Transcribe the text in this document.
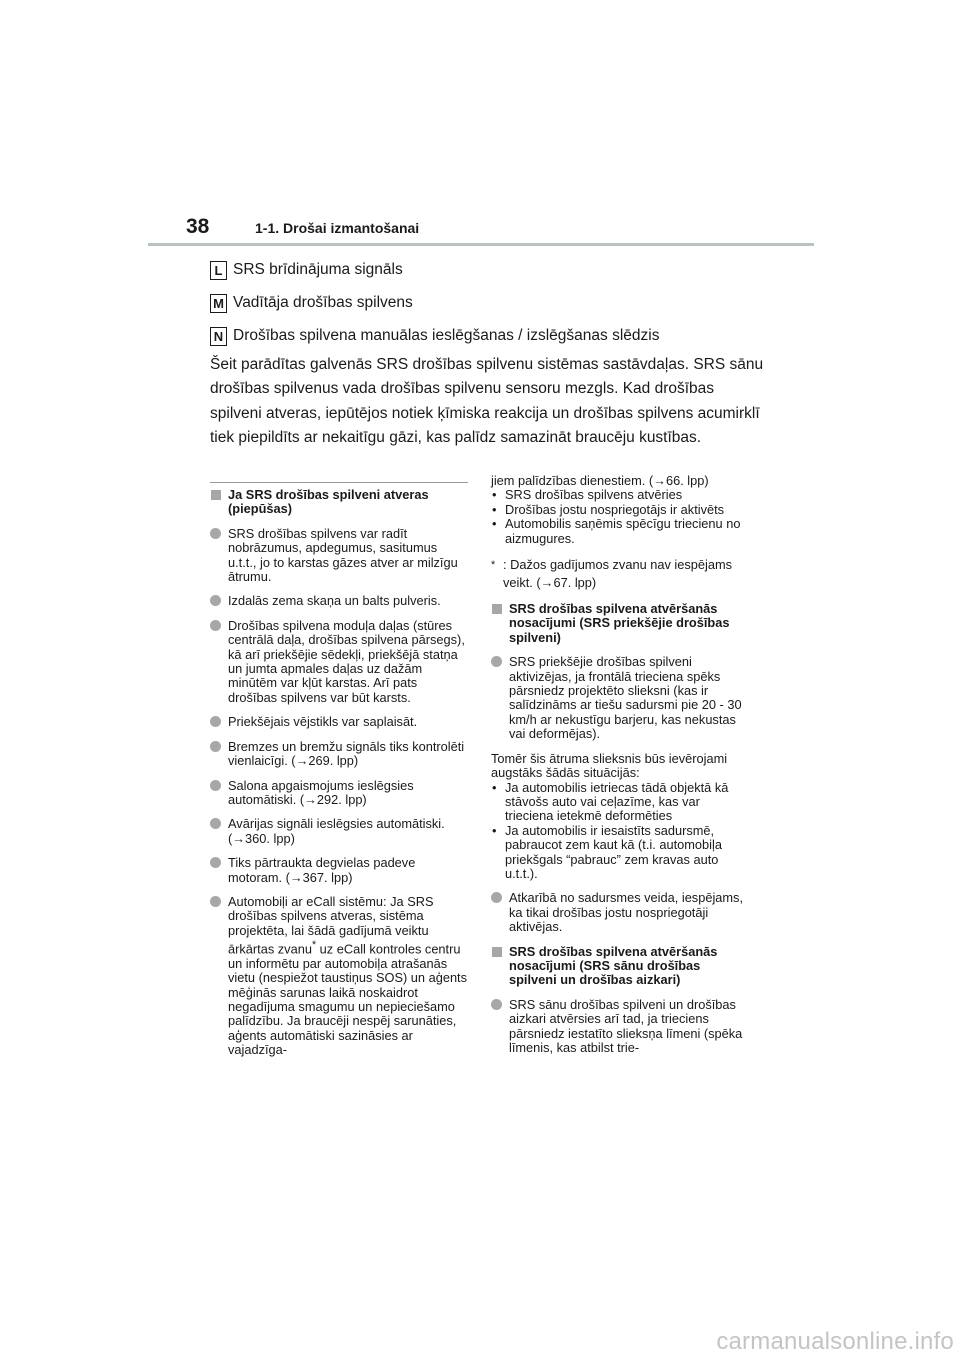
38	1-1. Drošai izmantošanai
L SRS brīdinājuma signāls
M Vadītāja drošības spilvens
N Drošības spilvena manuālas ieslēgšanas / izslēgšanas slēdzis

Šeit parādītas galvenās SRS drošības spilvenu sistēmas sastāvdaļas. SRS sānu drošības spilvenus vada drošības spilvenu sensoru mezgls. Kad drošības spilveni atveras, iepūtējos notiek ķīmiska reakcija un drošības spilvens acumirklī tiek piepildīts ar nekaitīgu gāzi, kas palīdz samazināt braucēju kustības.

Ja SRS drošības spilveni atveras (piepūšas)
SRS drošības spilvens var radīt nobrāzumus, apdegumus, sasitumus u.t.t., jo to karstas gāzes atver ar milzīgu ātrumu.
Izdalās zema skaņa un balts pulveris.
Drošības spilvena moduļa daļas (stūres centrālā daļa, drošības spilvena pārsegs), kā arī priekšējie sēdekļi, priekšējā statņa un jumta apmales daļas uz dažām minūtēm var kļūt karstas. Arī pats drošības spilvens var būt karsts.
Priekšējais vējstikls var saplaisāt.
Bremzes un bremžu signāls tiks kontrolēti vienlaicīgi. (→269. lpp)
Salona apgaismojums ieslēgsies automātiski. (→292. lpp)
Avārijas signāli ieslēgsies automātiski. (→360. lpp)
Tiks pārtraukta degvielas padeve motoram. (→367. lpp)
Automobiļi ar eCall sistēmu: Ja SRS drošības spilvens atveras, sistēma projektēta, lai šādā gadījumā veiktu ārkārtas zvanu* uz eCall kontroles centru un informētu par automobiļa atrašanās vietu (nespiežot taustiņus SOS) un aģents mēģinās sarunas laikā noskaidrot negadījuma smagumu un nepieciešamo palīdzību. Ja braucēji nespēj sarunāties, aģents automātiski sazināsies ar vajadzīga-
jiem palīdzības dienestiem. (→66. lpp)
• SRS drošības spilvens atvēries
• Drošības jostu nospriegotājs ir aktivēts
• Automobilis saņēmis spēcīgu triecienu no aizmugures.
* : Dažos gadījumos zvanu nav iespējams veikt. (→67. lpp)
SRS drošības spilvena atvēršanās nosacījumi (SRS priekšējie drošības spilveni)
SRS priekšējie drošības spilveni aktivizējas, ja frontālā trieciena spēks pārsniedz projektēto slieksni (kas ir salīdzināms ar tiešu sadursmi pie 20 - 30 km/h ar nekustīgu barjeru, kas nekustas vai deformējas).
Tomēr šis ātruma slieksnis būs ievērojami augstāks šādās situācijās:
• Ja automobilis ietriecas tādā objektā kā stāvošs auto vai ceļazīme, kas var trieciena ietekmē deformēties
• Ja automobilis ir iesaistīts sadursmē, pabraucot zem kaut kā (t.i. automobiļa priekšgals “pabrauc” zem kravas auto u.t.t.).
Atkarībā no sadursmes veida, iespējams, ka tikai drošības jostu nospriegotāji aktivējas.
SRS drošības spilvena atvēršanās nosacījumi (SRS sānu drošības spilveni un drošības aizkari)
SRS sānu drošības spilveni un drošības aizkari atvērsies arī tad, ja trieciens pārsniedz iestatīto slieksņa līmeni (spēka līmenis, kas atbilst trie-
carmanualsonline.info
